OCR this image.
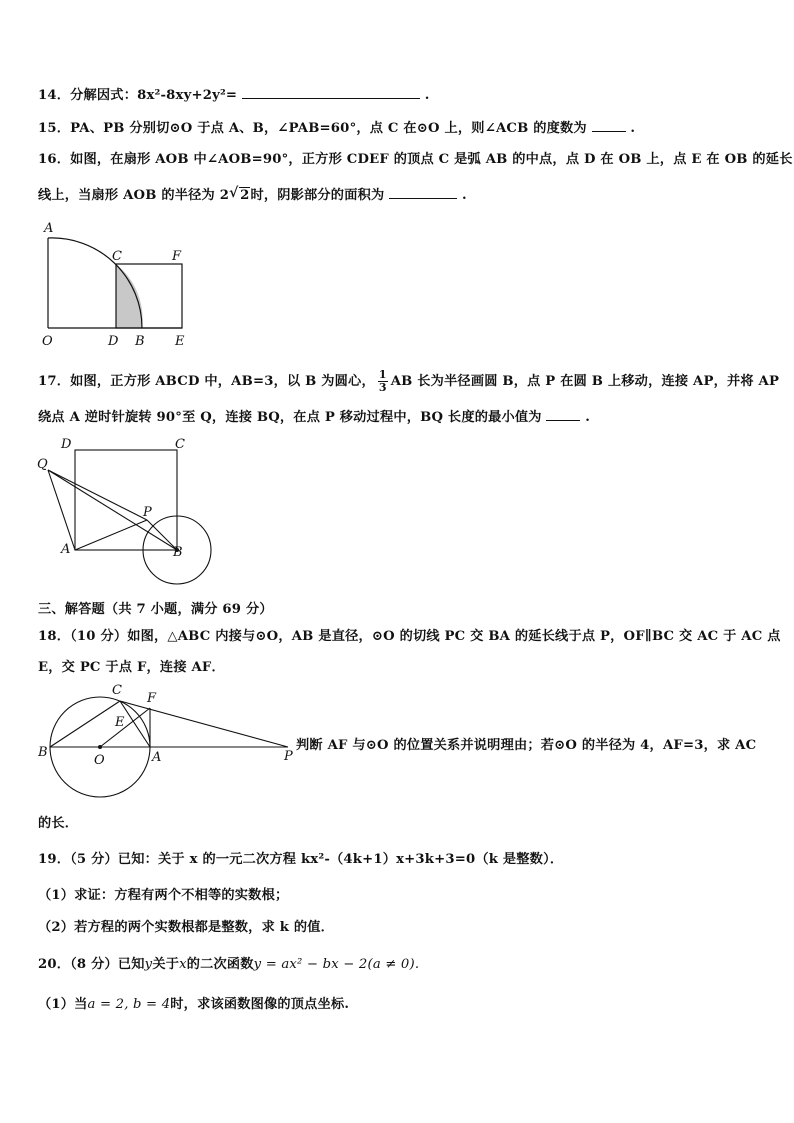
14．分解因式：8x²-8xy+2y²=	.
15．PA、PB 分别切⊙O 于点 A、B，∠PAB=60°，点 C 在⊙O 上，则∠ACB 的度数为	.
16．如图，在扇形 AOB 中∠AOB=90°，正方形 CDEF 的顶点 C 是弧 AB 的中点，点 D 在 OB 上，点 E 在 OB 的延长
线上，当扇形 AOB 的半径为 2 √ 2时，阴影部分的面积为	.
A
C	F
O	D B E
17．如图，正方形 ABCD 中，AB=3，以 B 为圆心， $\frac{1}{3}$ AB 长为半径画圆 B，点 P 在圆 B 上移动，连接 AP，并将 AP
绕点 A 逆时针旋转 90°至 Q，连接 BQ，在点 P 移动过程中，BQ 长度的最小值为	.
D	C
Q
P
A	B
三、解答题（共 7 小题，满分 69 分）
18．（10 分）如图，△ABC 内接与⊙O，AB 是直径，⊙O 的切线 PC 交 BA 的延长线于点 P，OF∥BC 交 AC 于 AC 点
E，交 PC 于点 F，连接 AF．
C
F
E
B
O	A	P
判断 AF 与⊙O 的位置关系并说明理由；若⊙O 的半径为 4，AF=3，求 AC
的长．
19．（5 分）已知：关于 x 的一元二次方程 kx²-（4k+1）x+3k+3=0（k 是整数）．
（1）求证：方程有两个不相等的实数根；
（2）若方程的两个实数根都是整数，求 k 的值．
20．（8 分）已知y关于x的二次函数y = ax² − bx − 2(a ≠ 0).
（1）当a = 2, b = 4时，求该函数图像的顶点坐标.
